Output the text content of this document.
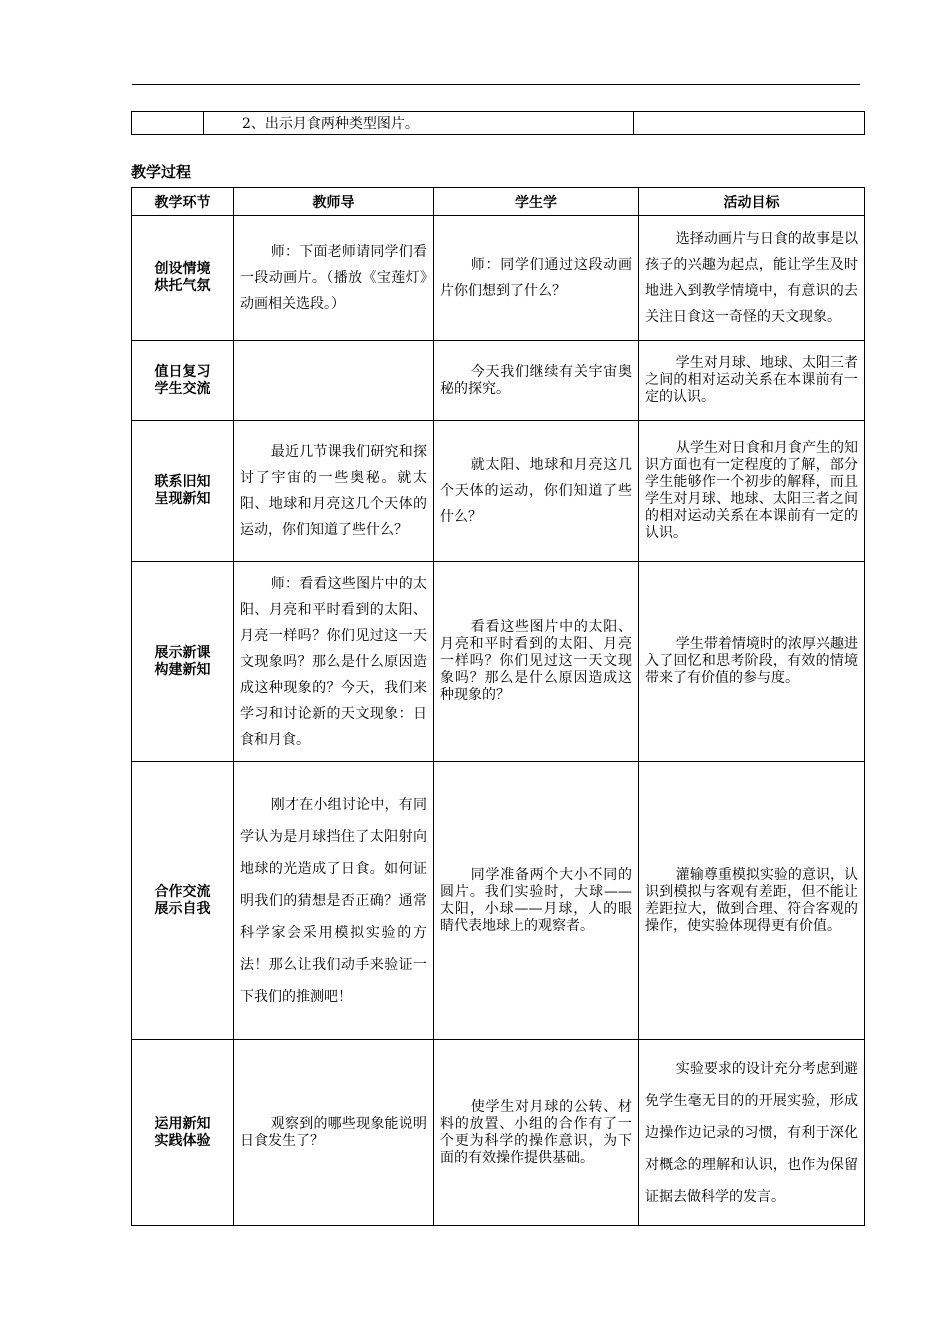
	2、出示月食两种类型图片。	
教学过程
教学环节	教师导	学生学	活动目标
创设情境
烘托气氛	师：下面老师请同学们看一段动画片。（播放《宝莲灯》动画相关选段。）	师：同学们通过这段动画片你们想到了什么？	选择动画片与日食的故事是以孩子的兴趣为起点，能让学生及时地进入到教学情境中，有意识的去关注日食这一奇怪的天文现象。

值日复习
学生交流		今天我们继续有关宇宙奥秘的探究。	学生对月球、地球、太阳三者之间的相对运动关系在本课前有一定的认识。

联系旧知
呈现新知	最近几节课我们研究和探讨了宇宙的一些奥秘。就太阳、地球和月亮这几个天体的运动，你们知道了些什么？	就太阳、地球和月亮这几个天体的运动，你们知道了些什么？	从学生对日食和月食产生的知识方面也有一定程度的了解，部分学生能够作一个初步的解释，而且学生对月球、地球、太阳三者之间的相对运动关系在本课前有一定的认识。

展示新课
构建新知	师：看看这些图片中的太阳、月亮和平时看到的太阳、月亮一样吗？你们见过这一天文现象吗？那么是什么原因造成这种现象的？今天，我们来学习和讨论新的天文现象：日食和月食。	看看这些图片中的太阳、月亮和平时看到的太阳、月亮一样吗？你们见过这一天文现象吗？那么是什么原因造成这种现象的？	学生带着情境时的浓厚兴趣进入了回忆和思考阶段，有效的情境带来了有价值的参与度。

合作交流
展示自我	刚才在小组讨论中，有同学认为是月球挡住了太阳射向地球的光造成了日食。如何证明我们的猜想是否正确？通常科学家会采用模拟实验的方法！那么让我们动手来验证一下我们的推测吧！	同学准备两个大小不同的圆片。我们实验时，大球——太阳，小球——月球，人的眼睛代表地球上的观察者。	灌输尊重模拟实验的意识，认识到模拟与客观有差距，但不能让差距拉大，做到合理、符合客观的操作，使实验体现得更有价值。

运用新知
实践体验	观察到的哪些现象能说明日食发生了？	使学生对月球的公转、材料的放置、小组的合作有了一个更为科学的操作意识，为下面的有效操作提供基础。	实验要求的设计充分考虑到避免学生毫无目的的开展实验，形成边操作边记录的习惯，有利于深化对概念的理解和认识，也作为保留证据去做科学的发言。
